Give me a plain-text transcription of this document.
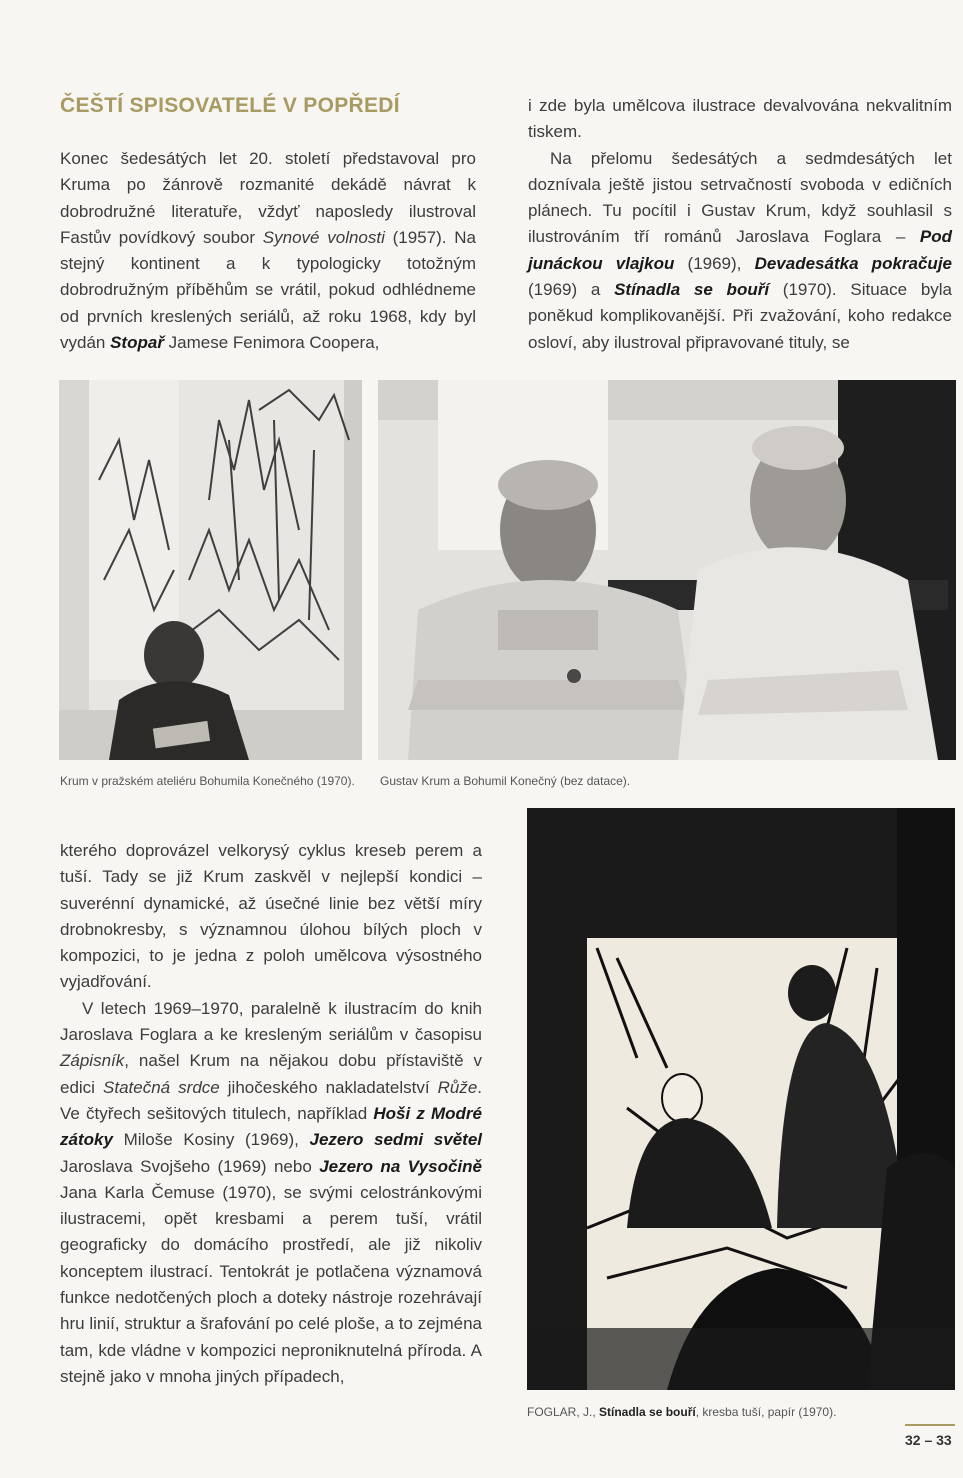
ČEŠTÍ SPISOVATELÉ V POPŘEDÍ

Konec šedesátých let 20. století představoval pro Kruma po žánrově rozmanité dekádě návrat k dobrodružné literatuře, vždyť naposledy ilustroval Fastův povídkový soubor Synové volnosti (1957). Na stejný kontinent a k typologicky totožným dobrodružným příběhům se vrátil, pokud odhlédneme od prvních kreslených seriálů, až roku 1968, kdy byl vydán Stopař Jamese Fenimora Coopera,

i zde byla umělcova ilustrace devalvována nekvalitním tiskem.

Na přelomu šedesátých a sedmdesátých let doznívala ještě jistou setrvačností svoboda v edičních plánech. Tu pocítil i Gustav Krum, když souhlasil s ilustrováním tří románů Jaroslava Foglara – Pod junáckou vlajkou (1969), Devadesátka pokračuje (1969) a Stínadla se bouří (1970). Situace byla poněkud komplikovanější. Při zvažování, koho redakce osloví, aby ilustroval připravované tituly, se

Krum v pražském ateliéru Bohumila Konečného (1970).	Gustav Krum a Bohumil Konečný (bez datace).

kterého doprovázel velkorysý cyklus kreseb perem a tuší. Tady se již Krum zaskvěl v nejlepší kondici – suverénní dynamické, až úsečné linie bez větší míry drobnokresby, s významnou úlohou bílých ploch v kompozici, to je jedna z poloh umělcova výsostného vyjadřování.

V letech 1969–1970, paralelně k ilustracím do knih Jaroslava Foglara a ke kresleným seriálům v časopisu Zápisník, našel Krum na nějakou dobu přístaviště v edici Statečná srdce jihočeského nakladatelství Růže. Ve čtyřech sešitových titulech, například Hoši z Modré zátoky Miloše Kosiny (1969), Jezero sedmi světel Jaroslava Svojšeho (1969) nebo Jezero na Vysočině Jana Karla Čemuse (1970), se svými celostránkovými ilustracemi, opět kresbami a perem tuší, vrátil geograficky do domácího prostředí, ale již nikoliv konceptem ilustrací. Tentokrát je potlačena významová funkce nedotčených ploch a doteky nástroje rozehrávají hru linií, struktur a šrafování po celé ploše, a to zejména tam, kde vládne v kompozici neproniknutelná příroda. A stejně jako v mnoha jiných případech,

FOGLAR, J., Stínadla se bouří, kresba tuší, papír (1970).
32 – 33
